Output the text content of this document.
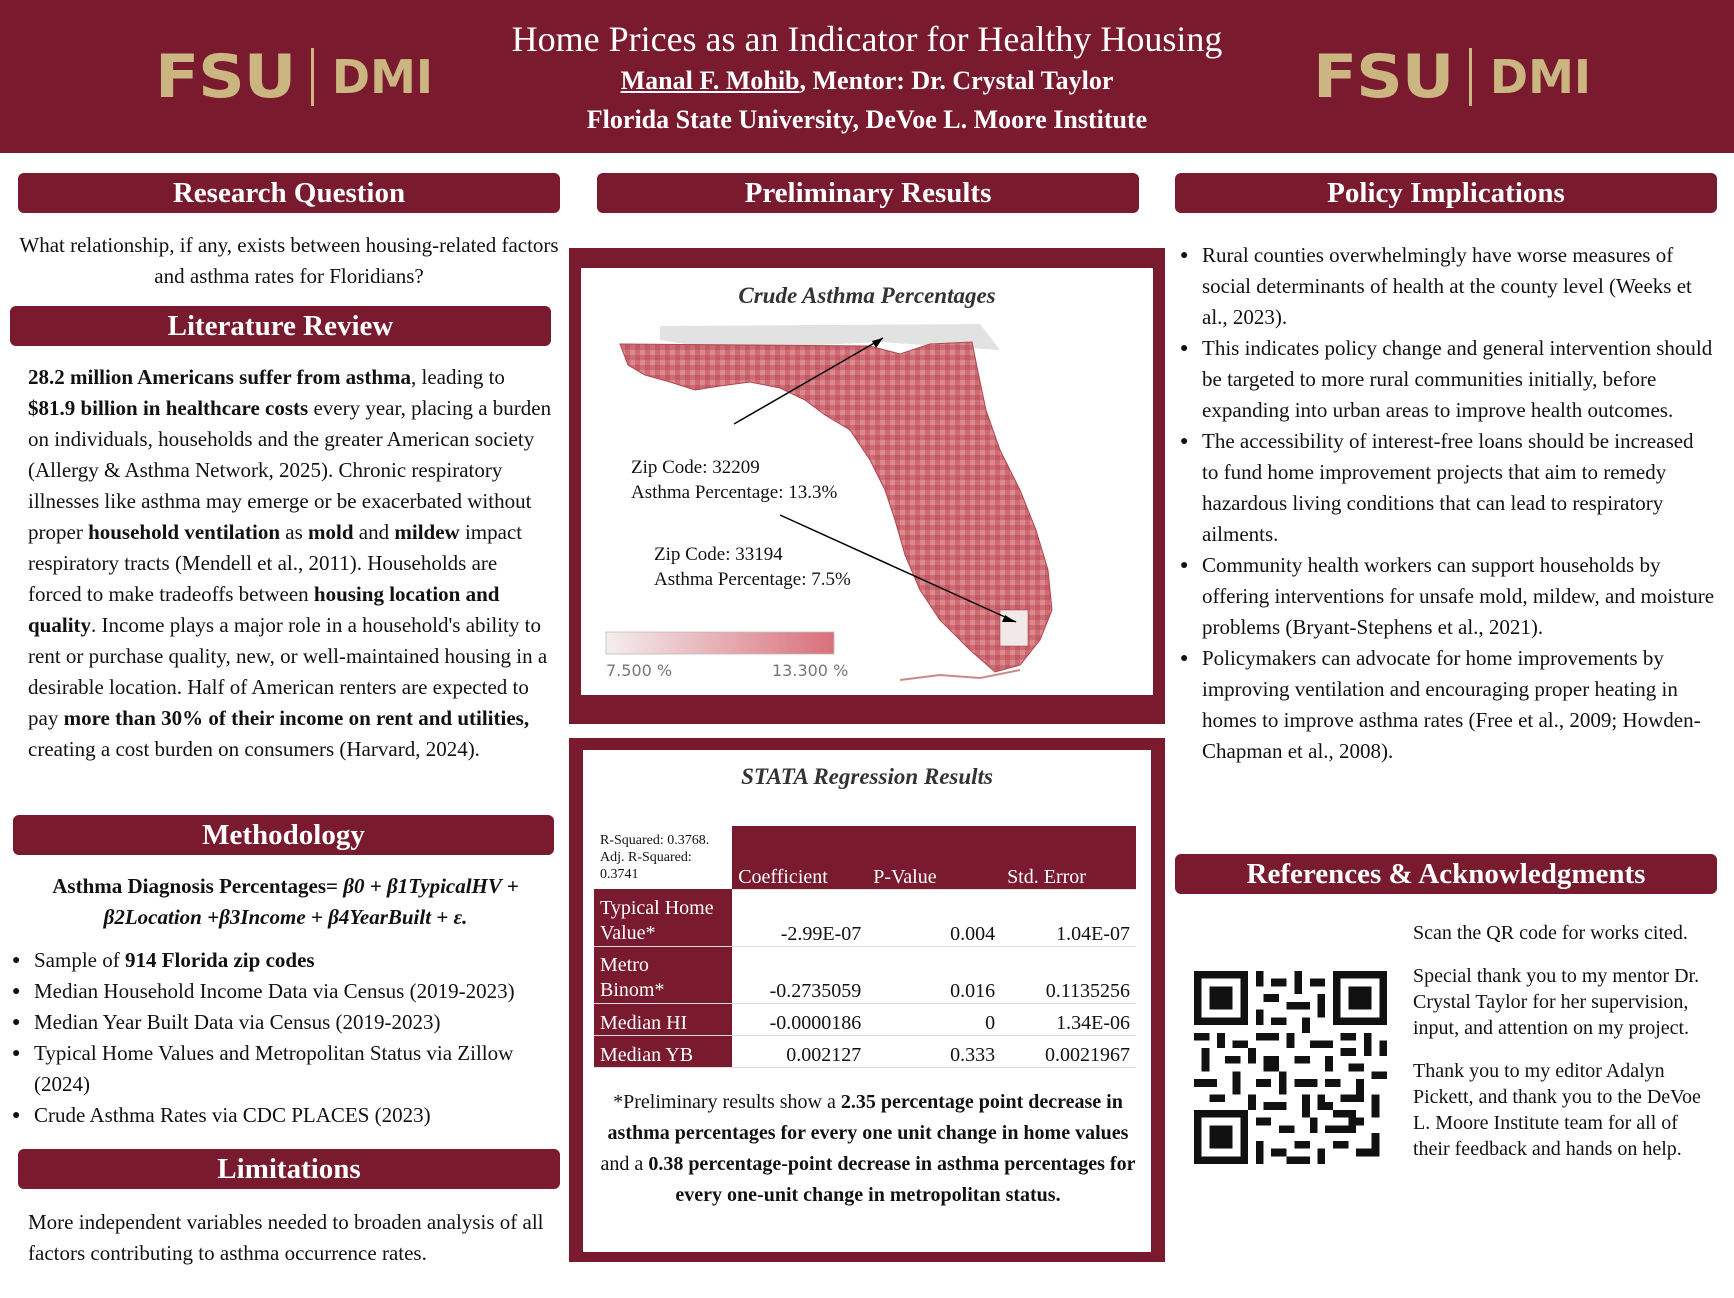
FSU DMI
Home Prices as an Indicator for Healthy Housing
Manal F. Mohib, Mentor: Dr. Crystal Taylor
Florida State University, DeVoe L. Moore Institute
FSU DMI
Research Question
What relationship, if any, exists between housing-related factors and asthma rates for Floridians?
Literature Review
28.2 million Americans suffer from asthma, leading to $81.9 billion in healthcare costs every year, placing a burden on individuals, households and the greater American society (Allergy & Asthma Network, 2025). Chronic respiratory illnesses like asthma may emerge or be exacerbated without proper household ventilation as mold and mildew impact respiratory tracts (Mendell et al., 2011). Households are forced to make tradeoffs between housing location and quality. Income plays a major role in a household's ability to rent or purchase quality, new, or well-maintained housing in a desirable location. Half of American renters are expected to pay more than 30% of their income on rent and utilities, creating a cost burden on consumers (Harvard, 2024).
Methodology
Asthma Diagnosis Percentages= β0 + β1TypicalHV + β2Location +β3Income + β4YearBuilt + ε.
● Sample of 914 Florida zip codes
● Median Household Income Data via Census (2019-2023)
● Median Year Built Data via Census (2019-2023)
● Typical Home Values and Metropolitan Status via Zillow (2024)
● Crude Asthma Rates via CDC PLACES (2023)
Limitations
More independent variables needed to broaden analysis of all factors contributing to asthma occurrence rates.
Preliminary Results
Crude Asthma Percentages
Zip Code: 32209
Asthma Percentage: 13.3%
Zip Code: 33194
Asthma Percentage: 7.5%
7.500 %	13.300 %
STATA Regression Results
R-Squared: 0.3768.
Adj. R-Squared:
0.3741	Coefficient	P-Value	Std. Error

Typical Home
Value*	-2.99E-07	0.004	1.04E-07

Metro
Binom*	-0.2735059	0.016	0.1135256
Median HI	-0.0000186	0	1.34E-06
Median YB	0.002127	0.333	0.0021967
*Preliminary results show a 2.35 percentage point decrease in asthma percentages for every one unit change in home values and a 0.38 percentage-point decrease in asthma percentages for every one-unit change in metropolitan status.
Policy Implications
● Rural counties overwhelmingly have worse measures of social determinants of health at the county level (Weeks et al., 2023).
● This indicates policy change and general intervention should be targeted to more rural communities initially, before expanding into urban areas to improve health outcomes.
● The accessibility of interest-free loans should be increased to fund home improvement projects that aim to remedy hazardous living conditions that can lead to respiratory ailments.
● Community health workers can support households by offering interventions for unsafe mold, mildew, and moisture problems (Bryant-Stephens et al., 2021).
● Policymakers can advocate for home improvements by improving ventilation and encouraging proper heating in homes to improve asthma rates (Free et al., 2009; Howden-Chapman et al., 2008).
References & Acknowledgments
Scan the QR code for works cited.
Special thank you to my mentor Dr. Crystal Taylor for her supervision, input, and attention on my project.
Thank you to my editor Adalyn Pickett, and thank you to the DeVoe L. Moore Institute team for all of their feedback and hands on help.
